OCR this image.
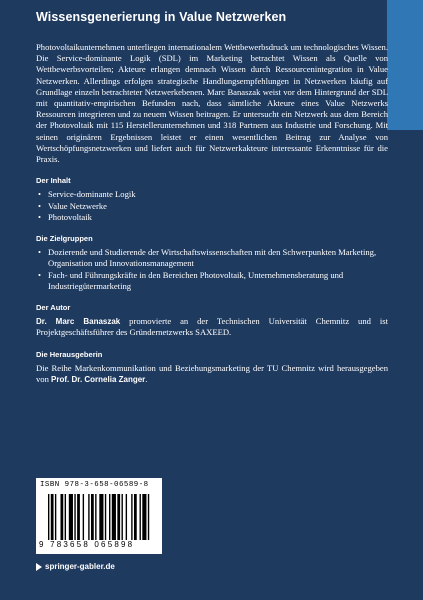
Wissensgenerierung in Value Netzwerken

Photovoltaikunternehmen unterliegen internationalem Wettbewerbsdruck um technologisches Wissen. Die Service-dominante Logik (SDL) im Marketing betrachtet Wissen als Quelle von Wettbewerbsvorteilen; Akteure erlangen demnach Wissen durch Ressourcenintegration in Value Netzwerken. Allerdings erfolgen strategische Handlungsempfehlungen in Netzwerken häufig auf Grundlage einzeln betrachteter Netzwerkebenen. Marc Banaszak weist vor dem Hintergrund der SDL mit quantitativ-empirischen Befunden nach, dass sämtliche Akteure eines Value Netzwerks Ressourcen integrieren und zu neuem Wissen beitragen. Er untersucht ein Netzwerk aus dem Bereich der Photovoltaik mit 115 Herstellerunternehmen und 318 Partnern aus Industrie und Forschung. Mit seinen originären Ergebnissen leistet er einen wesentlichen Beitrag zur Analyse von Wertschöpfungsnetzwerken und liefert auch für Netzwerkakteure interessante Erkenntnisse für die Praxis.

Der Inhalt
• Service-dominante Logik
• Value Netzwerke
• Photovoltaik
Die Zielgruppen
• Dozierende und Studierende der Wirtschaftswissenschaften mit den Schwerpunkten Marketing, Organisation und Innovationsmanagement
• Fach- und Führungskräfte in den Bereichen Photovoltaik, Unternehmensberatung und Industriegütermarketing
Der Autor

Dr. Marc Banaszak promovierte an der Technischen Universität Chemnitz und ist Projektgeschäftsführer des Gründernetzwerks SAXEED.

Die Herausgeberin

Die Reihe Markenkommunikation und Beziehungsmarketing der TU Chemnitz wird herausgegeben von Prof. Dr. Cornelia Zanger.

ISBN 978-3-658-06589-8
9 783658 065898
springer-gabler.de
